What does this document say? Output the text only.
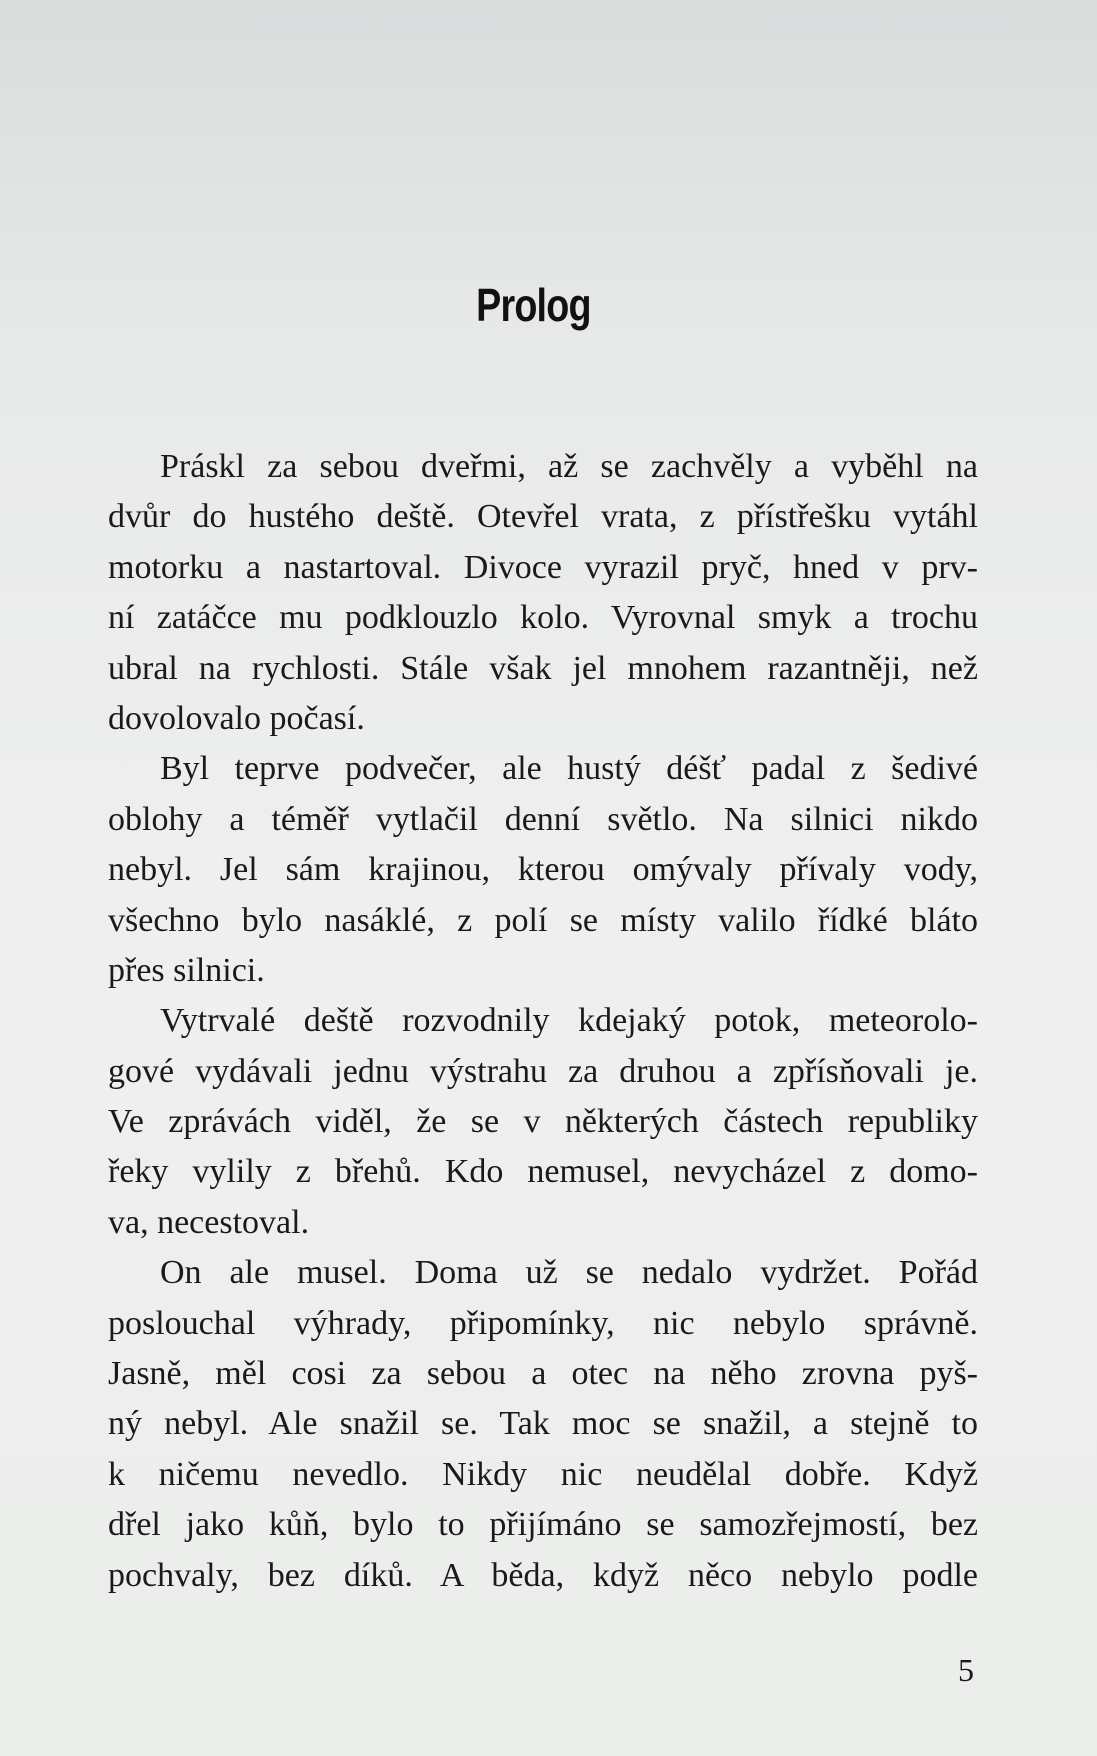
Prolog
Práskl za sebou dveřmi, až se zachvěly a vyběhl na
dvůr do hustého deště. Otevřel vrata, z přístřešku vytáhl
motorku a nastartoval. Divoce vyrazil pryč, hned v prv-
ní zatáčce mu podklouzlo kolo. Vyrovnal smyk a trochu
ubral na rychlosti. Stále však jel mnohem razantněji, než
dovolovalo počasí.
Byl teprve podvečer, ale hustý déšť padal z šedivé
oblohy a téměř vytlačil denní světlo. Na silnici nikdo
nebyl. Jel sám krajinou, kterou omývaly přívaly vody,
všechno bylo nasáklé, z polí se místy valilo řídké bláto
přes silnici.
Vytrvalé deště rozvodnily kdejaký potok, meteorolo-
gové vydávali jednu výstrahu za druhou a zpřísňovali je.
Ve zprávách viděl, že se v některých částech republiky
řeky vylily z břehů. Kdo nemusel, nevycházel z domo-
va, necestoval.
On ale musel. Doma už se nedalo vydržet. Pořád
poslouchal výhrady, připomínky, nic nebylo správně.
Jasně, měl cosi za sebou a otec na něho zrovna pyš-
ný nebyl. Ale snažil se. Tak moc se snažil, a stejně to
k ničemu nevedlo. Nikdy nic neudělal dobře. Když
dřel jako kůň, bylo to přijímáno se samozřejmostí, bez
pochvaly, bez díků. A běda, když něco nebylo podle
5
